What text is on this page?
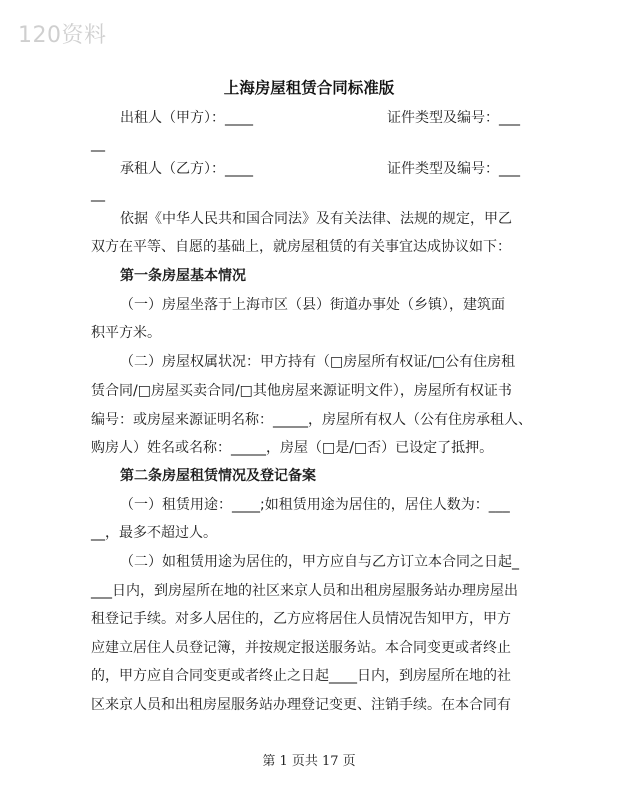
120资料
上海房屋租赁合同标准版
出租人（甲方）：____	证件类型及编号：___
__
承租人（乙方）：____	证件类型及编号：___
__
依据《中华人民共和国合同法》及有关法律、法规的规定，甲乙
双方在平等、自愿的基础上，就房屋租赁的有关事宜达成协议如下：
第一条房屋基本情况
（一）房屋坐落于上海市区（县）街道办事处（乡镇），建筑面
积平方米。
（二）房屋权属状况：甲方持有（□房屋所有权证/□公有住房租
赁合同/□房屋买卖合同/□其他房屋来源证明文件），房屋所有权证书
编号：或房屋来源证明名称：_____，房屋所有权人（公有住房承租人、
购房人）姓名或名称：_____，房屋（□是/□否）已设定了抵押。
第二条房屋租赁情况及登记备案
（一）租赁用途：____;如租赁用途为居住的，居住人数为：___
__，最多不超过人。
（二）如租赁用途为居住的，甲方应自与乙方订立本合同之日起_
___日内，到房屋所在地的社区来京人员和出租房屋服务站办理房屋出
租登记手续。对多人居住的，乙方应将居住人员情况告知甲方，甲方
应建立居住人员登记簿，并按规定报送服务站。本合同变更或者终止
的，甲方应自合同变更或者终止之日起____日内，到房屋所在地的社
区来京人员和出租房屋服务站办理登记变更、注销手续。在本合同有
第 1 页共 17 页
